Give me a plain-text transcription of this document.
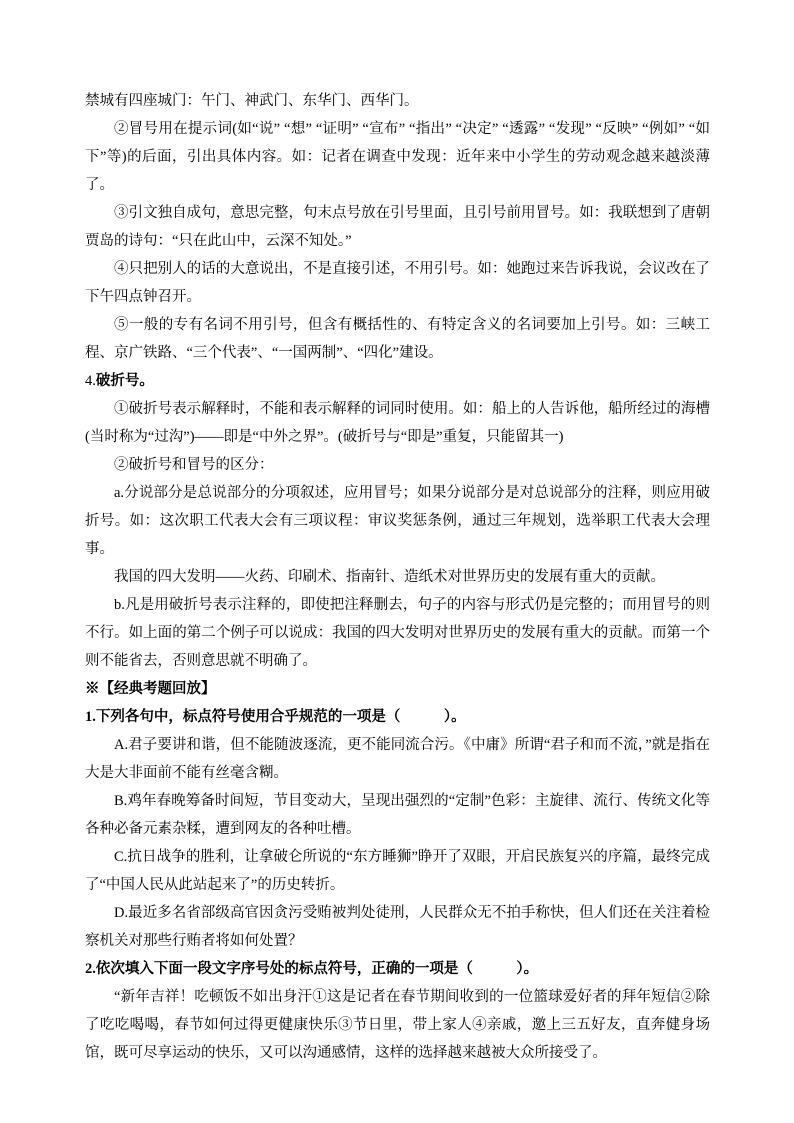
禁城有四座城门：午门、神武门、东华门、西华门。

②冒号用在提示词(如“说” “想” “证明” “宣布” “指出” “决定” “透露” “发现” “反映” “例如” “如下”等)的后面，引出具体内容。如：记者在调查中发现：近年来中小学生的劳动观念越来越淡薄了。

③引文独自成句，意思完整，句末点号放在引号里面，且引号前用冒号。如：我联想到了唐朝贾岛的诗句：“只在此山中，云深不知处。”

④只把别人的话的大意说出，不是直接引述，不用引号。如：她跑过来告诉我说，会议改在了下午四点钟召开。

⑤一般的专有名词不用引号，但含有概括性的、有特定含义的名词要加上引号。如：三峡工程、京广铁路、“三个代表”、“一国两制”、“四化”建设。

4.破折号。

①破折号表示解释时，不能和表示解释的词同时使用。如：船上的人告诉他，船所经过的海槽(当时称为“过沟”)——即是“中外之界”。(破折号与“即是”重复，只能留其一)

②破折号和冒号的区分：

a.分说部分是总说部分的分项叙述，应用冒号；如果分说部分是对总说部分的注释，则应用破折号。如：这次职工代表大会有三项议程：审议奖惩条例，通过三年规划，选举职工代表大会理事。

我国的四大发明——火药、印刷术、指南针、造纸术对世界历史的发展有重大的贡献。

b.凡是用破折号表示注释的，即使把注释删去，句子的内容与形式仍是完整的；而用冒号的则不行。如上面的第二个例子可以说成：我国的四大发明对世界历史的发展有重大的贡献。而第一个则不能省去，否则意思就不明确了。

※【经典考题回放】

1.下列各句中，标点符号使用合乎规范的一项是（　　　）。

A.君子要讲和谐，但不能随波逐流，更不能同流合污。《中庸》所谓“君子和而不流，”就是指在大是大非面前不能有丝毫含糊。

B.鸡年春晚筹备时间短，节目变动大，呈现出强烈的“定制”色彩：主旋律、流行、传统文化等各种必备元素杂糅，遭到网友的各种吐槽。

C.抗日战争的胜利，让拿破仑所说的“东方睡狮”睁开了双眼，开启民族复兴的序篇，最终完成了“中国人民从此站起来了”的历史转折。

D.最近多名省部级高官因贪污受贿被判处徒刑，人民群众无不拍手称快，但人们还在关注着检察机关对那些行贿者将如何处置？

2.依次填入下面一段文字序号处的标点符号，正确的一项是（　　　）。

“新年吉祥！吃顿饭不如出身汗①这是记者在春节期间收到的一位篮球爱好者的拜年短信②除了吃吃喝喝，春节如何过得更健康快乐③节日里，带上家人④亲戚，邀上三五好友，直奔健身场馆，既可尽享运动的快乐，又可以沟通感情，这样的选择越来越被大众所接受了。
